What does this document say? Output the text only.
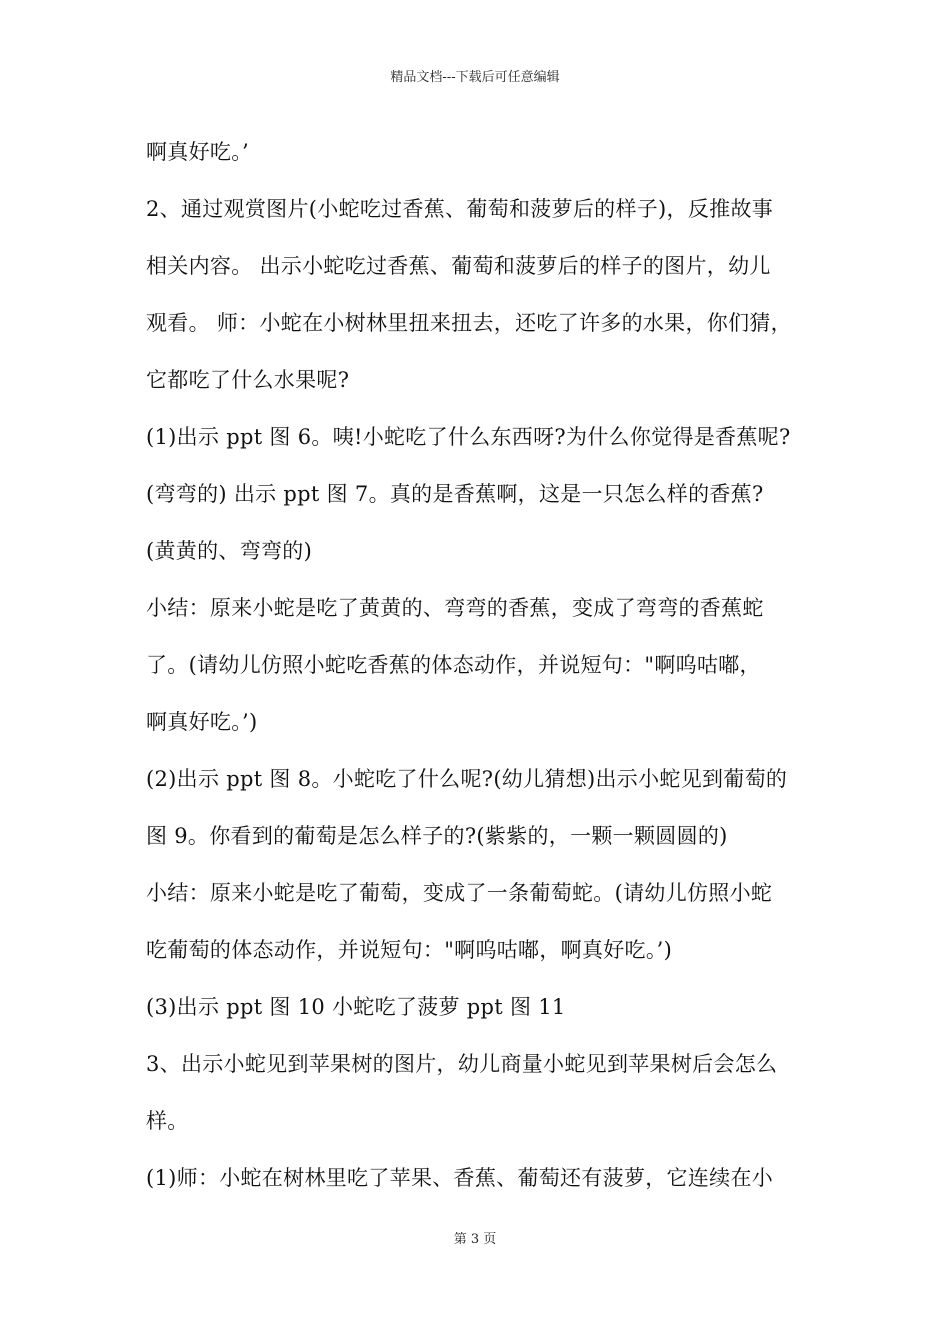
精品文档---下载后可任意编辑
啊真好吃。’
2、通过观赏图片(小蛇吃过香蕉、葡萄和菠萝后的样子)，反推故事
相关内容。 出示小蛇吃过香蕉、葡萄和菠萝后的样子的图片，幼儿
观看。 师：小蛇在小树林里扭来扭去，还吃了许多的水果，你们猜，
它都吃了什么水果呢?
(1)出示 ppt 图 6。咦!小蛇吃了什么东西呀?为什么你觉得是香蕉呢?
(弯弯的) 出示 ppt 图 7。真的是香蕉啊，这是一只怎么样的香蕉?
(黄黄的、弯弯的)
小结：原来小蛇是吃了黄黄的、弯弯的香蕉，变成了弯弯的香蕉蛇
了。(请幼儿仿照小蛇吃香蕉的体态动作，并说短句："啊呜咕嘟，
啊真好吃。’)
(2)出示 ppt 图 8。小蛇吃了什么呢?(幼儿猜想)出示小蛇见到葡萄的
图 9。你看到的葡萄是怎么样子的?(紫紫的，一颗一颗圆圆的)
小结：原来小蛇是吃了葡萄，变成了一条葡萄蛇。(请幼儿仿照小蛇
吃葡萄的体态动作，并说短句："啊呜咕嘟，啊真好吃。’)
(3)出示 ppt 图 10 小蛇吃了菠萝 ppt 图 11
3、出示小蛇见到苹果树的图片，幼儿商量小蛇见到苹果树后会怎么
样。
(1)师：小蛇在树林里吃了苹果、香蕉、葡萄还有菠萝，它连续在小
第 3 页
